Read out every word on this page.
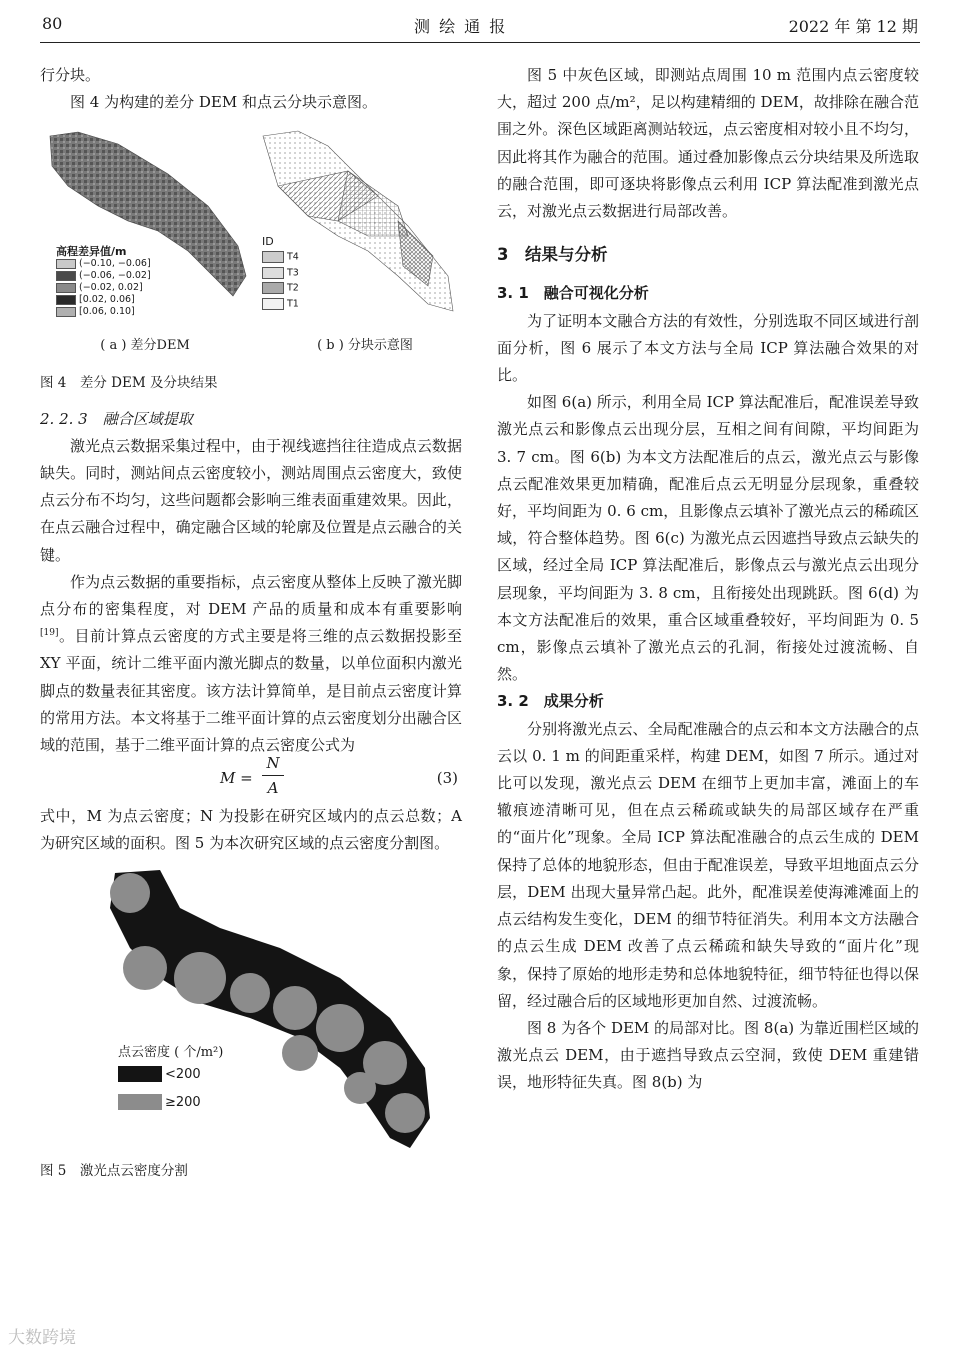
80	测 绘 通 报	2022 年 第 12 期

行分块。

图 4 为构建的差分 DEM 和点云分块示意图。

高程差异值/m
(−0.10, −0.06]
(−0.06, −0.02]
(−0.02, 0.02]
[0.02, 0.06]
[0.06, 0.10]
ID
T4
T3
T2
T1
( a ) 差分DEM	( b ) 分块示意图

图 4　差分 DEM 及分块结果

2. 2. 3　融合区域提取

激光点云数据采集过程中，由于视线遮挡往往造成点云数据缺失。同时，测站间点云密度较小，测站周围点云密度大，致使点云分布不均匀，这些问题都会影响三维表面重建效果。因此，在点云融合过程中，确定融合区域的轮廓及位置是点云融合的关键。

作为点云数据的重要指标，点云密度从整体上反映了激光脚点分布的密集程度，对 DEM 产品的质量和成本有重要影响[19]。目前计算点云密度的方式主要是将三维的点云数据投影至 XY 平面，统计二维平面内激光脚点的数量，以单位面积内激光脚点的数量表征其密度。该方法计算简单，是目前点云密度计算的常用方法。本文将基于二维平面计算的点云密度划分出融合区域的范围，基于二维平面计算的点云密度公式为

M =
N
A
(3)

式中，M 为点云密度；N 为投影在研究区域内的点云总数；A 为研究区域的面积。图 5 为本次研究区域的点云密度分割图。

点云密度 ( 个/m²)
<200
≥200

图 5　激光点云密度分割

图 5 中灰色区域，即测站点周围 10 m 范围内点云密度较大，超过 200 点/m²，足以构建精细的 DEM，故排除在融合范围之外。深色区域距离测站较远，点云密度相对较小且不均匀，因此将其作为融合的范围。通过叠加影像点云分块结果及所选取的融合范围，即可逐块将影像点云利用 ICP 算法配准到激光点云，对激光点云数据进行局部改善。

3　结果与分析

3. 1　融合可视化分析

为了证明本文融合方法的有效性，分别选取不同区域进行剖面分析，图 6 展示了本文方法与全局 ICP 算法融合效果的对比。

如图 6(a) 所示，利用全局 ICP 算法配准后，配准误差导致激光点云和影像点云出现分层，互相之间有间隙，平均间距为 3. 7 cm。图 6(b) 为本文方法配准后的点云，激光点云与影像点云配准效果更加精确，配准后点云无明显分层现象，重叠较好，平均间距为 0. 6 cm，且影像点云填补了激光点云的稀疏区域，符合整体趋势。图 6(c) 为激光点云因遮挡导致点云缺失的区域，经过全局 ICP 算法配准后，影像点云与激光点云出现分层现象，平均间距为 3. 8 cm，且衔接处出现跳跃。图 6(d) 为本文方法配准后的效果，重合区域重叠较好，平均间距为 0. 5 cm，影像点云填补了激光点云的孔洞，衔接处过渡流畅、自然。

3. 2　成果分析

分别将激光点云、全局配准融合的点云和本文方法融合的点云以 0. 1 m 的间距重采样，构建 DEM，如图 7 所示。通过对比可以发现，激光点云 DEM 在细节上更加丰富，滩面上的车辙痕迹清晰可见，但在点云稀疏或缺失的局部区域存在严重的“面片化”现象。全局 ICP 算法配准融合的点云生成的 DEM 保持了总体的地貌形态，但由于配准误差，导致平坦地面点云分层，DEM 出现大量异常凸起。此外，配准误差使海滩滩面上的点云结构发生变化，DEM 的细节特征消失。利用本文方法融合的点云生成 DEM 改善了点云稀疏和缺失导致的“面片化”现象，保持了原始的地形走势和总体地貌特征，细节特征也得以保留，经过融合后的区域地形更加自然、过渡流畅。

图 8 为各个 DEM 的局部对比。图 8(a) 为靠近围栏区域的激光点云 DEM，由于遮挡导致点云空洞，致使 DEM 重建错误，地形特征失真。图 8(b) 为

大数跨境
